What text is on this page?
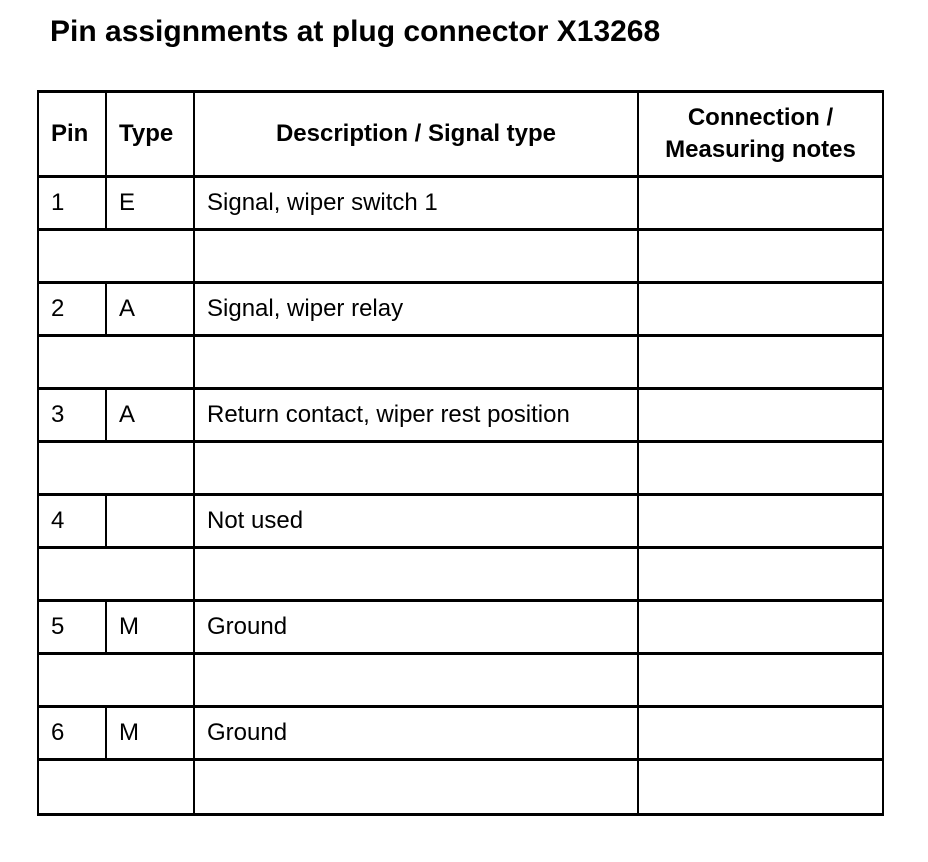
Pin assignments at plug connector X13268
Pin	Type	Description / Signal type	Connection /
Measuring notes
1	E	Signal, wiper switch 1	

2	A	Signal, wiper relay	

3	A	Return contact, wiper rest position	

4		Not used	

5	M	Ground	

6	M	Ground	
